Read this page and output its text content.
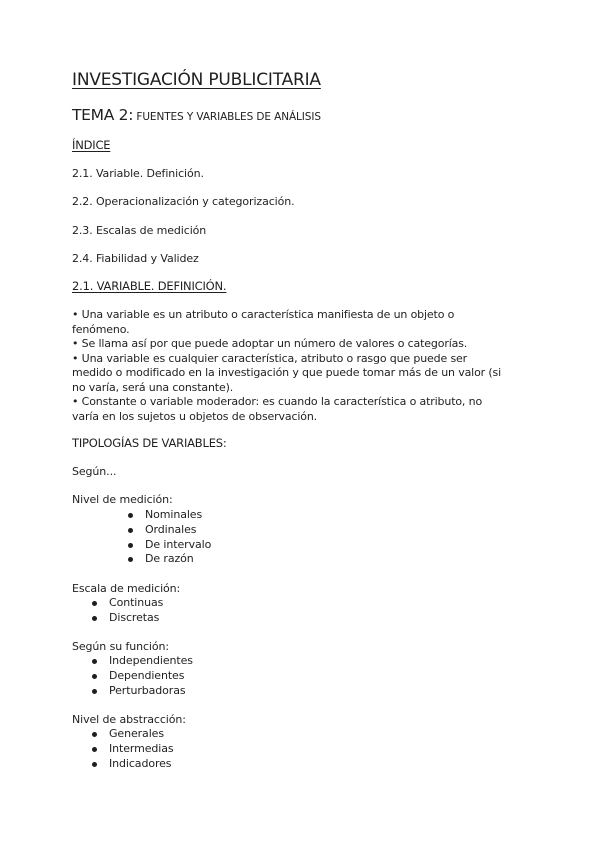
INVESTIGACIÓN PUBLICITARIA
TEMA 2: FUENTES Y VARIABLES DE ANÁLISIS
ÍNDICE
2.1. Variable. Definición.
2.2. Operacionalización y categorización.
2.3. Escalas de medición
2.4. Fiabilidad y Validez
2.1. VARIABLE. DEFINICIÓN.

• Una variable es un atributo o característica manifiesta de un objeto o fenómeno.

• Se llama así por que puede adoptar un número de valores o categorías.

• Una variable es cualquier característica, atributo o rasgo que puede ser medido o modificado en la investigación y que puede tomar más de un valor (si no varía, será una constante).

• Constante o variable moderador: es cuando la característica o atributo, no varía en los sujetos u objetos de observación.

TIPOLOGÍAS DE VARIABLES:
Según...
Nivel de medición:
Nominales
Ordinales
De intervalo
De razón
Escala de medición:
Continuas
Discretas
Según su función:
Independientes
Dependientes
Perturbadoras
Nivel de abstracción:
Generales
Intermedias
Indicadores
